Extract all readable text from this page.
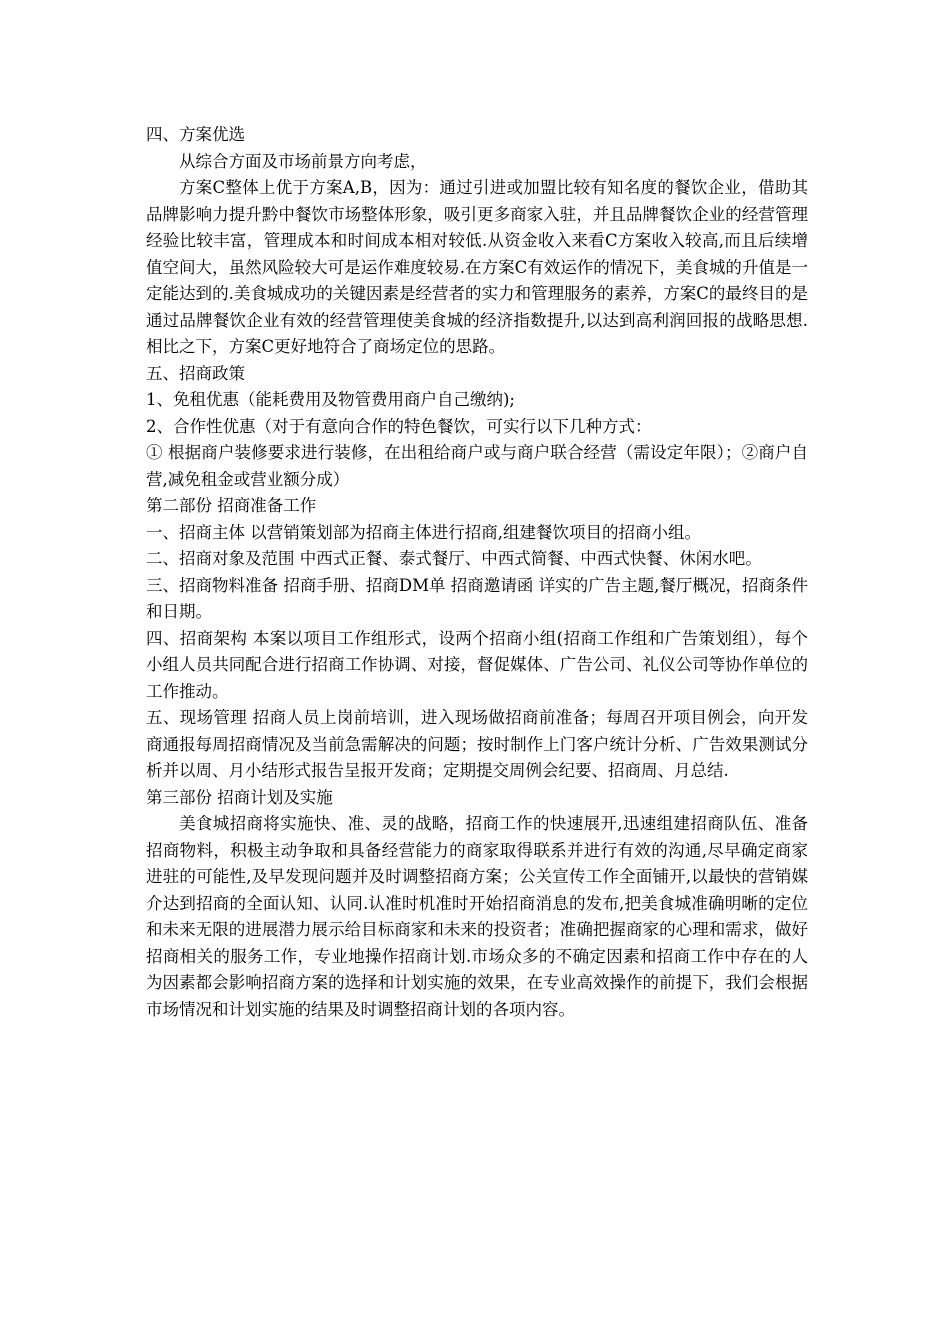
四、方案优选

从综合方面及市场前景方向考虑，

方案C整体上优于方案A,B，因为：通过引进或加盟比较有知名度的餐饮企业，借助其品牌影响力提升黔中餐饮市场整体形象，吸引更多商家入驻，并且品牌餐饮企业的经营管理经验比较丰富，管理成本和时间成本相对较低.从资金收入来看C方案收入较高,而且后续增值空间大，虽然风险较大可是运作难度较易.在方案C有效运作的情况下，美食城的升值是一定能达到的.美食城成功的关键因素是经营者的实力和管理服务的素养，方案C的最终目的是通过品牌餐饮企业有效的经营管理使美食城的经济指数提升,以达到高利润回报的战略思想.相比之下，方案C更好地符合了商场定位的思路。

五、招商政策

1、免租优惠（能耗费用及物管费用商户自己缴纳);

2、合作性优惠（对于有意向合作的特色餐饮，可实行以下几种方式：

① 根据商户装修要求进行装修，在出租给商户或与商户联合经营（需设定年限）；②商户自营,减免租金或营业额分成）

第二部份 招商准备工作

一、招商主体 以营销策划部为招商主体进行招商,组建餐饮项目的招商小组。

二、招商对象及范围 中西式正餐、泰式餐厅、中西式简餐、中西式快餐、休闲水吧。

三、招商物料准备 招商手册、招商DM单 招商邀请函 详实的广告主题,餐厅概况，招商条件和日期。

四、招商架构 本案以项目工作组形式，设两个招商小组(招商工作组和广告策划组），每个小组人员共同配合进行招商工作协调、对接，督促媒体、广告公司、礼仪公司等协作单位的工作推动。

五、现场管理 招商人员上岗前培训，进入现场做招商前准备；每周召开项目例会，向开发商通报每周招商情况及当前急需解决的问题；按时制作上门客户统计分析、广告效果测试分析并以周、月小结形式报告呈报开发商；定期提交周例会纪要、招商周、月总结.

第三部份 招商计划及实施

美食城招商将实施快、准、灵的战略，招商工作的快速展开,迅速组建招商队伍、准备招商物料，积极主动争取和具备经营能力的商家取得联系并进行有效的沟通,尽早确定商家进驻的可能性,及早发现问题并及时调整招商方案；公关宣传工作全面铺开,以最快的营销媒介达到招商的全面认知、认同.认准时机准时开始招商消息的发布,把美食城准确明晰的定位和未来无限的进展潜力展示给目标商家和未来的投资者；准确把握商家的心理和需求，做好招商相关的服务工作，专业地操作招商计划.市场众多的不确定因素和招商工作中存在的人为因素都会影响招商方案的选择和计划实施的效果，在专业高效操作的前提下，我们会根据市场情况和计划实施的结果及时调整招商计划的各项内容。
